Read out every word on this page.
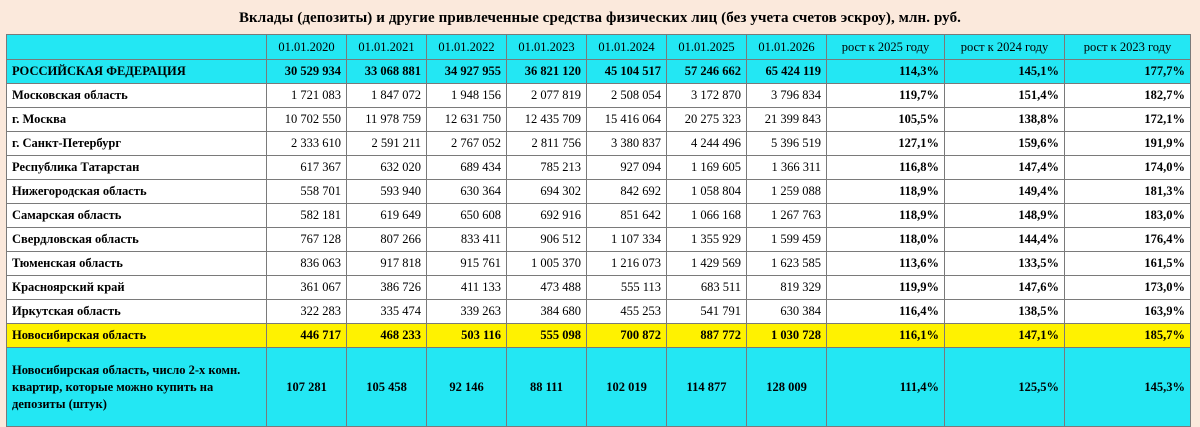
Вклады (депозиты) и другие привлеченные средства физических лиц (без учета счетов эскроу), млн. руб.
	01.01.2020	01.01.2021	01.01.2022	01.01.2023	01.01.2024	01.01.2025	01.01.2026	рост к 2025 году	рост к 2024 году	рост к 2023 году
РОССИЙСКАЯ ФЕДЕРАЦИЯ	30 529 934	33 068 881	34 927 955	36 821 120	45 104 517	57 246 662	65 424 119	114,3%	145,1%	177,7%
Московская область	1 721 083	1 847 072	1 948 156	2 077 819	2 508 054	3 172 870	3 796 834	119,7%	151,4%	182,7%
г. Москва	10 702 550	11 978 759	12 631 750	12 435 709	15 416 064	20 275 323	21 399 843	105,5%	138,8%	172,1%
г. Санкт-Петербург	2 333 610	2 591 211	2 767 052	2 811 756	3 380 837	4 244 496	5 396 519	127,1%	159,6%	191,9%
Республика Татарстан	617 367	632 020	689 434	785 213	927 094	1 169 605	1 366 311	116,8%	147,4%	174,0%
Нижегородская область	558 701	593 940	630 364	694 302	842 692	1 058 804	1 259 088	118,9%	149,4%	181,3%
Самарская область	582 181	619 649	650 608	692 916	851 642	1 066 168	1 267 763	118,9%	148,9%	183,0%
Свердловская область	767 128	807 266	833 411	906 512	1 107 334	1 355 929	1 599 459	118,0%	144,4%	176,4%
Тюменская область	836 063	917 818	915 761	1 005 370	1 216 073	1 429 569	1 623 585	113,6%	133,5%	161,5%
Красноярский край	361 067	386 726	411 133	473 488	555 113	683 511	819 329	119,9%	147,6%	173,0%
Иркутская область	322 283	335 474	339 263	384 680	455 253	541 791	630 384	116,4%	138,5%	163,9%
Новосибирская область	446 717	468 233	503 116	555 098	700 872	887 772	1 030 728	116,1%	147,1%	185,7%
Новосибирская область, число 2-х комн. квартир, которые можно купить на депозиты (штук)	107 281	105 458	92 146	88 111	102 019	114 877	128 009	111,4%	125,5%	145,3%
